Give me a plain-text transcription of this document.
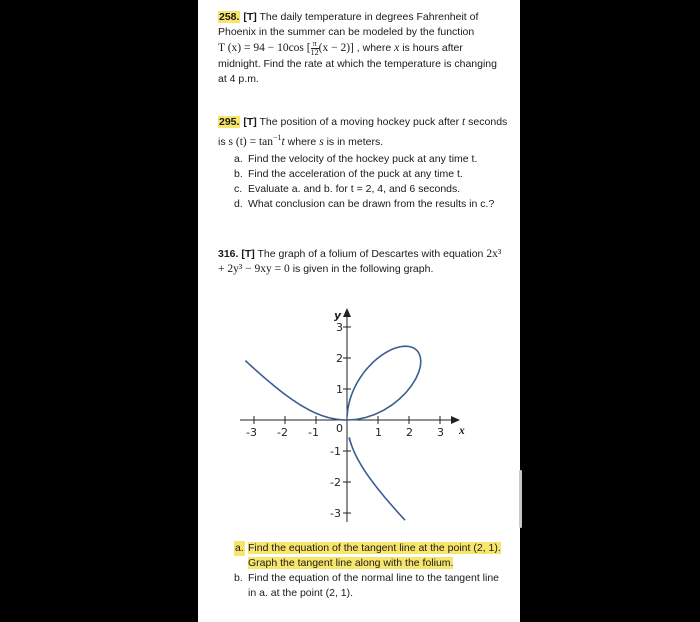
258. [T] The daily temperature in degrees Fahrenheit of Phoenix in the summer can be modeled by the function
T (x) = 94 − 10cos [ $\frac{\pi}{12} (x - 2)$] , where x is hours after midnight. Find the rate at which the temperature is changing at 4 p.m.
295. [T] The position of a moving hockey puck after t seconds is s $(t) = \tan^{-1}t$ where s is in meters.
a. Find the velocity of the hockey puck at any time t.
b. Find the acceleration of the puck at any time t.
c. Evaluate a. and b. for t = 2, 4, and 6 seconds.
d. What conclusion can be drawn from the results in c.?
316. [T] The graph of a folium of Descartes with equation 2x³ + 2y³ − 9xy = 0 is given in the following graph.
-3 -2 -1	1 2 3
3
2
1
-1
-2
-3
x
y
0
a. Find the equation of the tangent line at the point (2, 1). Graph the tangent line along with the folium.
b. Find the equation of the normal line to the tangent line in a. at the point (2, 1).
